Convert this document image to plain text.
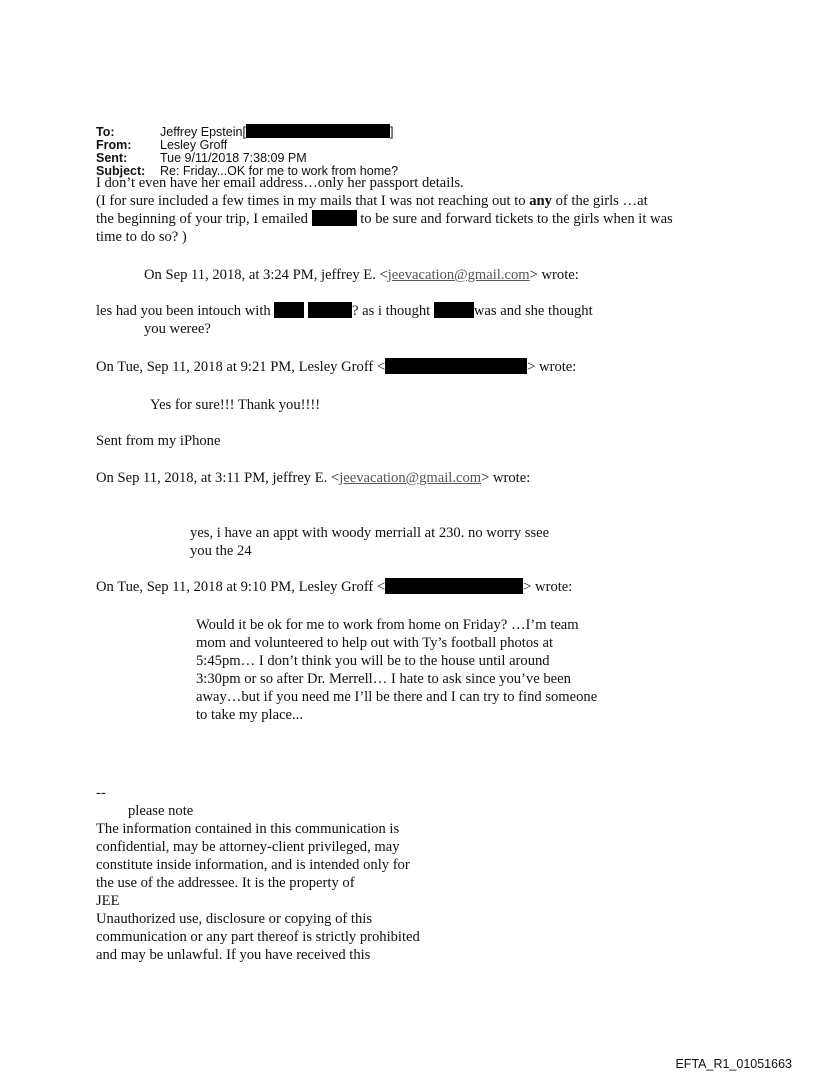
To:	Jeffrey Epstein[	]
From: Lesley Groff
Sent:	Tue 9/11/2018 7:38:09 PM
Subject: Re: Friday...OK for me to work from home?
I don’t even have her email address…only her passport details.
(I for sure included a few times in my mails that I was not reaching out to any of the girls …at
the beginning of your trip, I emailed	to be sure and forward tickets to the girls when it was
time to do so? )
On Sep 11, 2018, at 3:24 PM, jeffrey E. <jeevacation@gmail.com> wrote:
les had you been intouch with	? as i thought	was and she thought
you weree?
On Tue, Sep 11, 2018 at 9:21 PM, Lesley Groff <	> wrote:
Yes for sure!!! Thank you!!!!
Sent from my iPhone
On Sep 11, 2018, at 3:11 PM, jeffrey E. <jeevacation@gmail.com> wrote:
yes, i have an appt with woody merriall at 230. no worry ssee
you the 24
On Tue, Sep 11, 2018 at 9:10 PM, Lesley Groff <	> wrote:
Would it be ok for me to work from home on Friday? …I’m team
mom and volunteered to help out with Ty’s football photos at
5:45pm… I don’t think you will be to the house until around
3:30pm or so after Dr. Merrell… I hate to ask since you’ve been
away…but if you need me I’ll be there and I can try to find someone
to take my place...
--
please note
The information contained in this communication is
confidential, may be attorney-client privileged, may
constitute inside information, and is intended only for
the use of the addressee. It is the property of
JEE
Unauthorized use, disclosure or copying of this
communication or any part thereof is strictly prohibited
and may be unlawful. If you have received this
EFTA_R1_01051663
